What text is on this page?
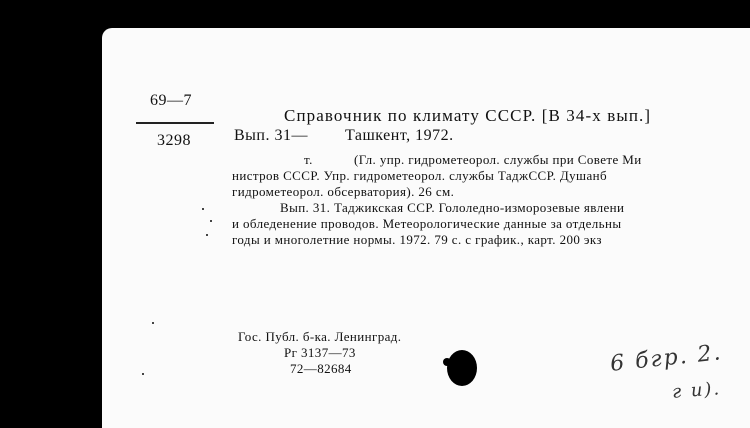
69—7
3298
Справочник по климату СССР. [В 34-х вып.]
Вып. 31— Ташкент, 1972.
т.	(Гл. упр. гидрометеорол. службы при Совете Ми
нистров СССР. Упр. гидрометеорол. службы ТаджССР. Душанб
гидрометеорол. обсерватория). 26 см.
Вып. 31. Таджикская ССР. Гололедно-изморозевые явлени
и обледенение проводов. Метеорологические данные за отдельны
годы и многолетние нормы. 1972. 79 с. с график., карт. 200 экз
Гос. Публ. б-ка. Ленинград.
Рг 3137—73
72—82684	6 бгр. 2.
г и).
